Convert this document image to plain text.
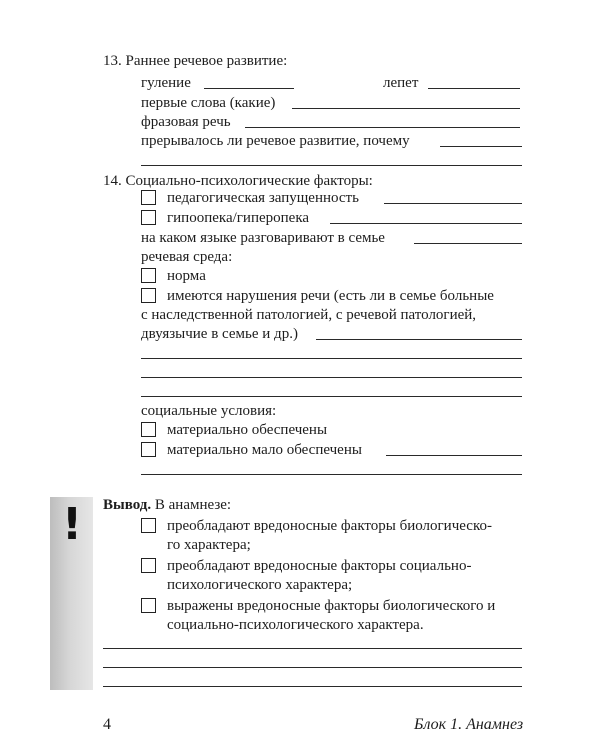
13. Раннее речевое развитие:
гуление	лепет
первые слова (какие)
фразовая речь
прерывалось ли речевое развитие, почему
14. Социально-психологические факторы:
педагогическая запущенность
гипоопека/гиперопека
на каком языке разговаривают в семье
речевая среда:
норма
имеются нарушения речи (есть ли в семье больные
с наследственной патологией, с речевой патологией,
двуязычие в семье и др.)
социальные условия:
материально обеспечены
материально мало обеспечены
!	Вывод. В анамнезе:
преобладают вредоносные факторы биологическо-
го характера;
преобладают вредоносные факторы социально-
психологического характера;
выражены вредоносные факторы биологического и
социально-психологического характера.
4	Блок 1. Анамнез
